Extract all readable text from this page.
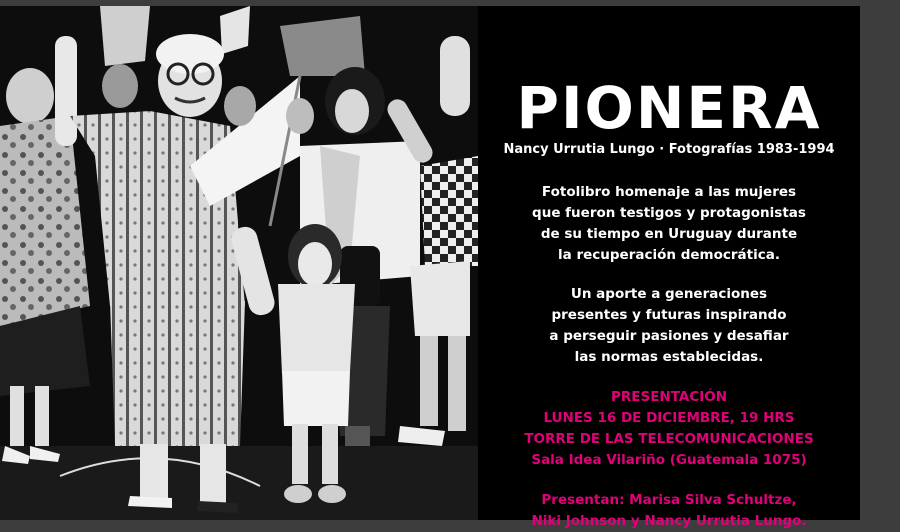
PIONERA
Nancy Urrutia Lungo · Fotografías 1983-1994
Fotolibro homenaje a las mujeres
que fueron testigos y protagonistas
de su tiempo en Uruguay durante
la recuperación democrática.
Un aporte a generaciones
presentes y futuras inspirando
a perseguir pasiones y desafiar
las normas establecidas.
PRESENTACIÓN
LUNES 16 DE DICIEMBRE, 19 HRS
TORRE DE LAS TELECOMUNICACIONES
Sala Idea Vilariño (Guatemala 1075)
Presentan: Marisa Silva Schultze,
Niki Johnson y Nancy Urrutia Lungo.
